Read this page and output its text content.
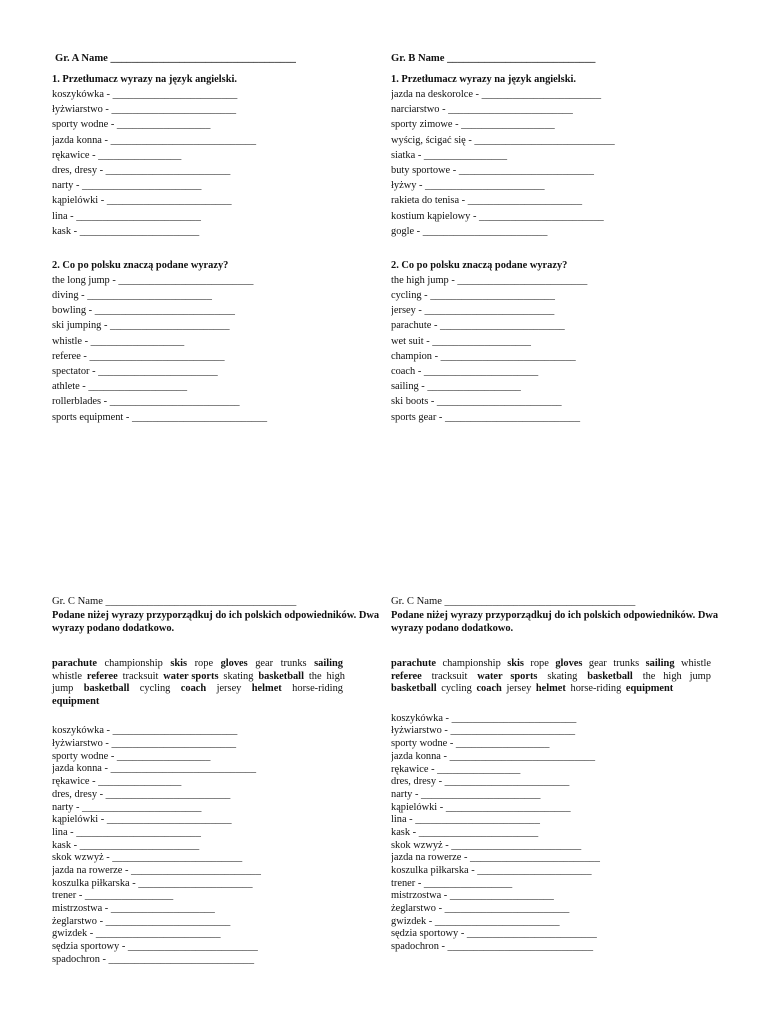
Gr. A Name ___________________________________
1. Przetłumacz wyrazy na język angielski.
koszykówka - ________________________
łyżwiarstwo - ________________________
sporty wodne - __________________
jazda konna - ____________________________
rękawice - ________________
dres, dresy - ________________________
narty - _______________________
kąpielówki - ________________________
lina - ________________________
kask - _______________________
2. Co po polsku znaczą podane wyrazy?
the long jump - __________________________
diving - ________________________
bowling - ___________________________
ski jumping - _______________________
whistle - __________________
referee - __________________________
spectator - _______________________
athlete - ___________________
rollerblades - _________________________
sports equipment - __________________________
Gr. B Name ____________________________
1. Przetłumacz wyrazy na język angielski.
jazda na deskorolce - _______________________
narciarstwo - ________________________
sporty zimowe - __________________
wyścig, ścigać się - ___________________________
siatka - ________________
buty sportowe - __________________________
łyżwy - _______________________
rakieta do tenisa - ______________________
kostium kąpielowy - ________________________
gogle - ________________________
2. Co po polsku znaczą podane wyrazy?
the high jump - _________________________
cycling - ________________________
jersey - _________________________
parachute - ________________________
wet suit - ___________________
champion - __________________________
coach - ______________________
sailing - __________________
ski boots - ________________________
sports gear - __________________________
Gr. C Name ____________________________________
Podane niżej wyrazy przyporządkuj do ich polskich odpowiedników. Dwa wyrazy podano dodatkowo.
parachute championship skis rope gloves gear trunks sailing whistle referee tracksuit water sports skating basketball the high jump basketball cycling coach jersey helmet horse-riding equipment
koszykówka - ________________________
łyżwiarstwo - ________________________
sporty wodne - __________________
jazda konna - ____________________________
rękawice - ________________
dres, dresy - ________________________
narty - _______________________
kąpielówki - ________________________
lina - ________________________
kask - _______________________
skok wzwyż - _________________________
jazda na rowerze - _________________________
koszulka piłkarska - ______________________
trener - _________________
mistrzostwa - ____________________
żeglarstwo - ________________________
gwizdek - ________________________
sędzia sportowy - _________________________
spadochron - ____________________________
Gr. C Name ____________________________________
Podane niżej wyrazy przyporządkuj do ich polskich odpowiedników. Dwa wyrazy podano dodatkowo.
parachute championship skis rope gloves gear trunks sailing whistle referee tracksuit water sports skating basketball the high jump basketball cycling coach jersey helmet horse-riding equipment
koszykówka - ________________________
łyżwiarstwo - ________________________
sporty wodne - __________________
jazda konna - ____________________________
rękawice - ________________
dres, dresy - ________________________
narty - _______________________
kąpielówki - ________________________
lina - ________________________
kask - _______________________
skok wzwyż - _________________________
jazda na rowerze - _________________________
koszulka piłkarska - ______________________
trener - _________________
mistrzostwa - ____________________
żeglarstwo - ________________________
gwizdek - ________________________
sędzia sportowy - _________________________
spadochron - ____________________________
